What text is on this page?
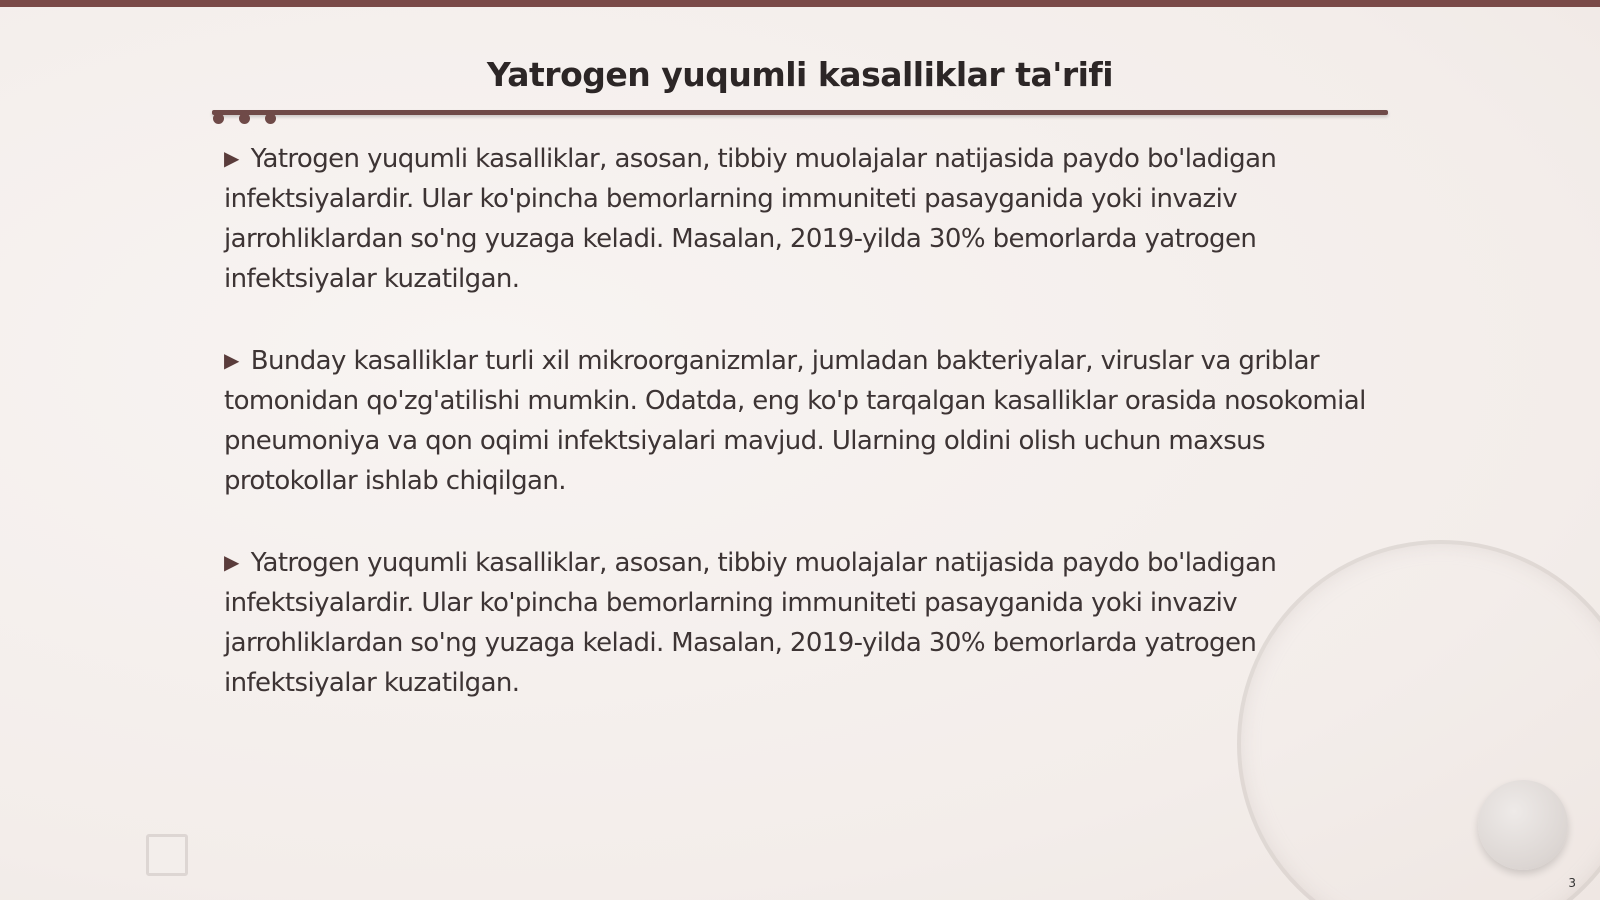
Yatrogen yuqumli kasalliklar ta'rifi
▶ Yatrogen yuqumli kasalliklar, asosan, tibbiy muolajalar natijasida paydo bo'ladigan infektsiyalardir. Ular ko'pincha bemorlarning immuniteti pasayganida yoki invaziv jarrohliklardan so'ng yuzaga keladi. Masalan, 2019-yilda 30% bemorlarda yatrogen infektsiyalar kuzatilgan.
▶ Bunday kasalliklar turli xil mikroorganizmlar, jumladan bakteriyalar, viruslar va griblar tomonidan qo'zg'atilishi mumkin. Odatda, eng ko'p tarqalgan kasalliklar orasida nosokomial pneumoniya va qon oqimi infektsiyalari mavjud. Ularning oldini olish uchun maxsus protokollar ishlab chiqilgan.
▶ Yatrogen yuqumli kasalliklar, asosan, tibbiy muolajalar natijasida paydo bo'ladigan infektsiyalardir. Ular ko'pincha bemorlarning immuniteti pasayganida yoki invaziv jarrohliklardan so'ng yuzaga keladi. Masalan, 2019-yilda 30% bemorlarda yatrogen infektsiyalar kuzatilgan.
3
